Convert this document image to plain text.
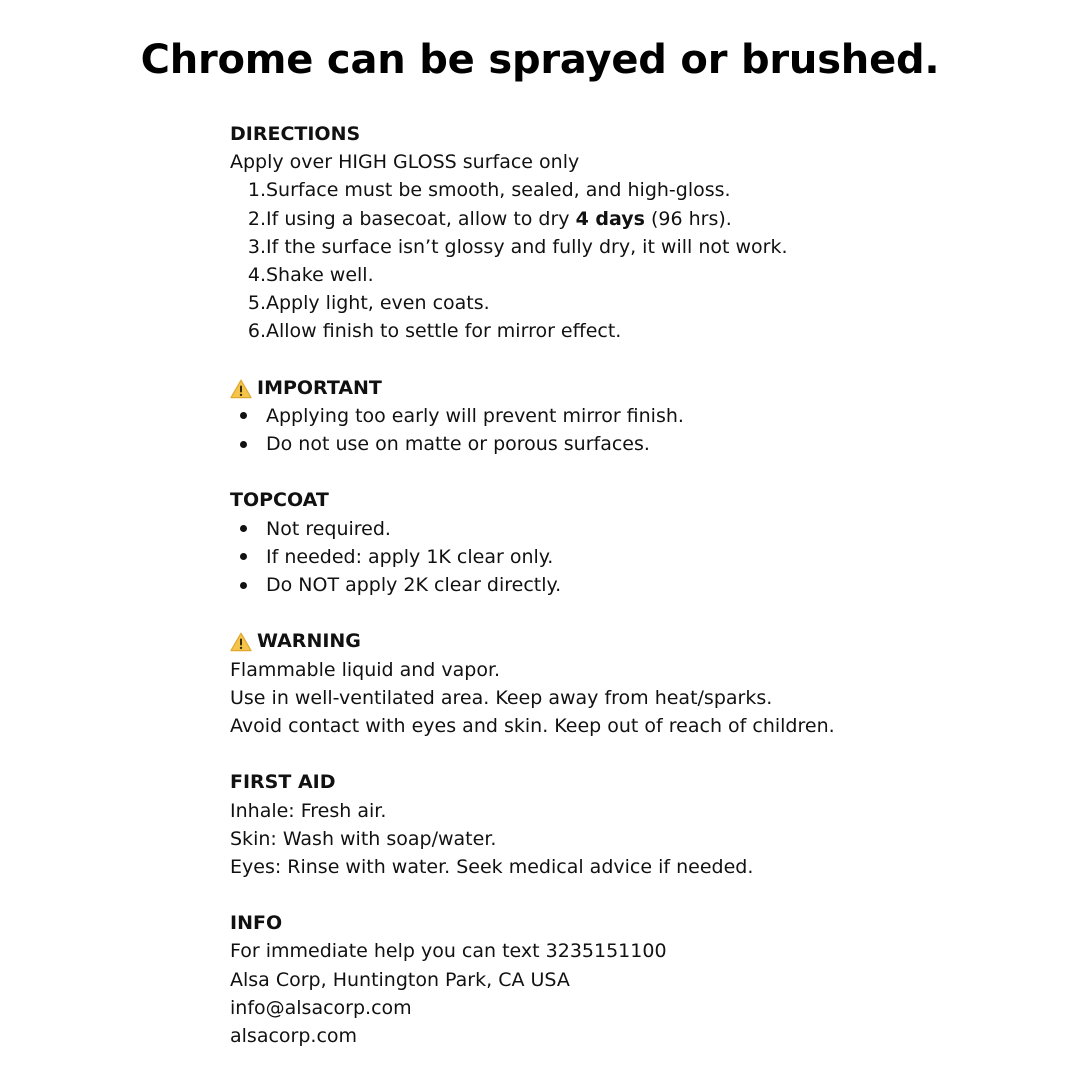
Chrome can be sprayed or brushed.
DIRECTIONS
Apply over HIGH GLOSS surface only
1. Surface must be smooth, sealed, and high-gloss.
2. If using a basecoat, allow to dry 4 days (96 hrs).
3. If the surface isn’t glossy and fully dry, it will not work.
4. Shake well.
5. Apply light, even coats.
6. Allow finish to settle for mirror effect.
IMPORTANT
Applying too early will prevent mirror finish.
Do not use on matte or porous surfaces.
TOPCOAT
Not required.
If needed: apply 1K clear only.
Do NOT apply 2K clear directly.
WARNING
Flammable liquid and vapor.
Use in well-ventilated area. Keep away from heat/sparks.
Avoid contact with eyes and skin. Keep out of reach of children.
FIRST AID
Inhale: Fresh air.
Skin: Wash with soap/water.
Eyes: Rinse with water. Seek medical advice if needed.
INFO
For immediate help you can text 3235151100
Alsa Corp, Huntington Park, CA USA
info@alsacorp.com
alsacorp.com
